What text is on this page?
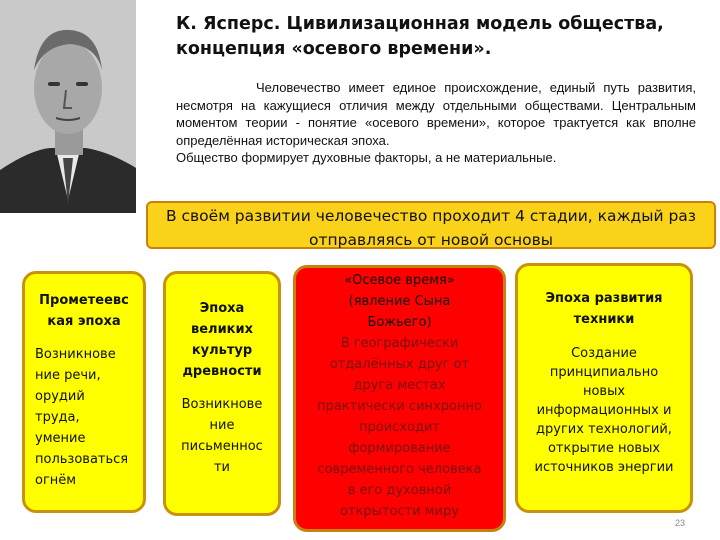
К. Ясперс. Цивилизационная модель общества,
концепция «осевого времени».

Человечество имеет единое происхождение, единый путь развития, несмотря на кажущиеся отличия между отдельными обществами. Центральным моментом теории - понятие «осевого времени», которое трактуется как вполне определённая историческая эпоха.

Общество формирует духовные факторы, а не материальные.

В своём развитии человечество проходит 4 стадии, каждый раз
отправляясь от новой основы
Прометеевс
кая эпоха
Возникнове
ние речи,
орудий
труда,
умение
пользоваться
огнём
Эпоха
великих
культур
древности
Возникнове
ние
письменнос
ти
«Осевое время»
(явление Сына
Божьего)
В географически
отдалённых друг от
друга местах
практически синхронно
происходит
формирование
современного человека
в его духовной
открытости миру
Эпоха развития
техники
Создание
принципиально
новых
информационных и
других технологий,
открытие новых
источников энергии
23
